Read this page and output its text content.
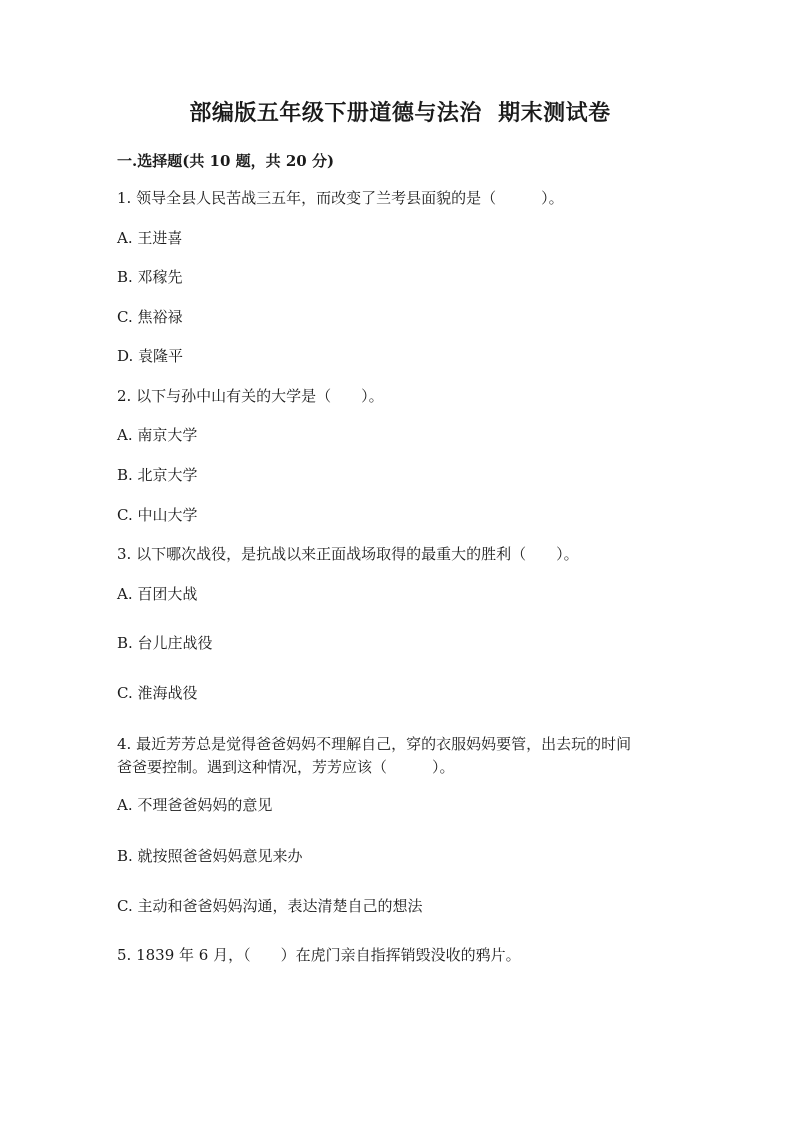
部编版五年级下册道德与法治  期末测试卷
一.选择题(共 10 题，共 20 分)
1. 领导全县人民苦战三五年，而改变了兰考县面貌的是（　　　）。
A. 王进喜
B. 邓稼先
C. 焦裕禄
D. 袁隆平
2. 以下与孙中山有关的大学是（　　）。
A. 南京大学
B. 北京大学
C. 中山大学
3. 以下哪次战役，是抗战以来正面战场取得的最重大的胜利（　　）。
A. 百团大战
B. 台儿庄战役
C. 淮海战役
4. 最近芳芳总是觉得爸爸妈妈不理解自己，穿的衣服妈妈要管，出去玩的时间
爸爸要控制。遇到这种情况，芳芳应该（　　　）。
A. 不理爸爸妈妈的意见
B. 就按照爸爸妈妈意见来办
C. 主动和爸爸妈妈沟通，表达清楚自己的想法
5. 1839 年 6 月，（　　）在虎门亲自指挥销毁没收的鸦片。
